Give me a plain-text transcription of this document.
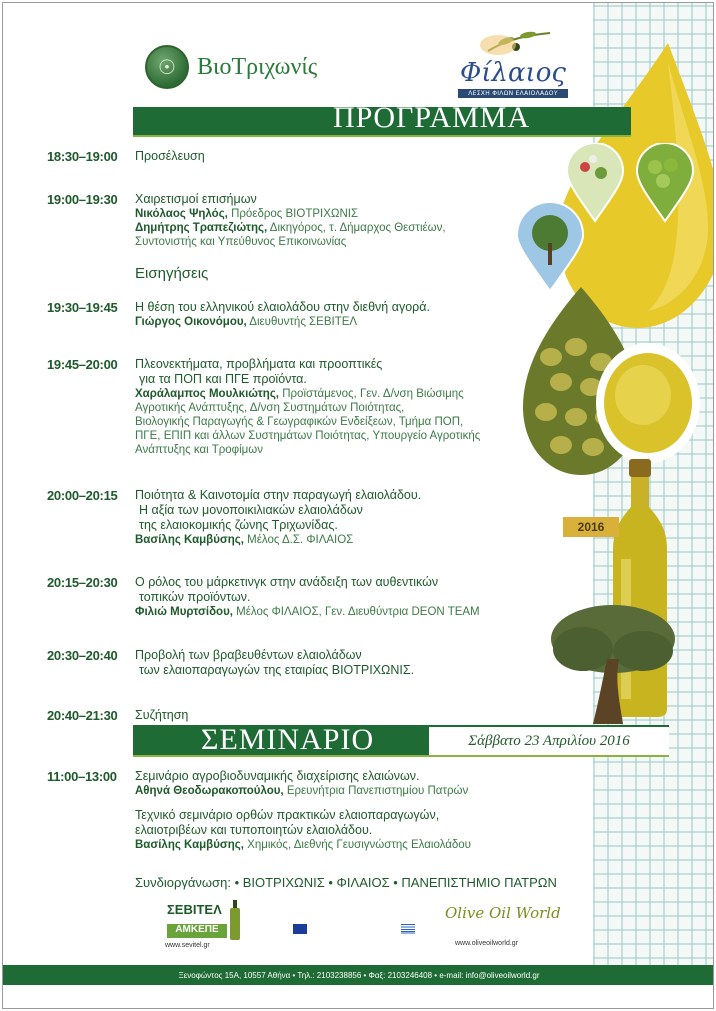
2016
☉ ΒιοΤριχωνίς	Φίλαιος
ΛΕΣΧΗ ΦΙΛΩΝ ΕΛΑΙΟΛΑΔΟΥ
ΠΡΟΓΡΑΜΜΑ
18:30–19:00	Προσέλευση
19:00–19:30	Χαιρετισμοί επισήμων
Νικόλαος Ψηλός, Πρόεδρος ΒΙΟΤΡΙΧΩΝΙΣ
Δημήτρης Τραπεζιώτης, Δικηγόρος, τ. Δήμαρχος Θεστιέων,
Συντονιστής και Υπεύθυνος Επικοινωνίας
Εισηγήσεις
19:30–19:45	Η θέση του ελληνικού ελαιολάδου στην διεθνή αγορά.
Γιώργος Οικονόμου, Διευθυντής ΣΕΒΙΤΕΛ
19:45–20:00	Πλεονεκτήματα, προβλήματα και προοπτικές
για τα ΠΟΠ και ΠΓΕ προϊόντα.
Χαράλαμπος Μουλκιώτης, Προϊστάμενος, Γεν. Δ/νση Βιώσιμης
Αγροτικής Ανάπτυξης, Δ/νση Συστημάτων Ποιότητας,
Βιολογικής Παραγωγής & Γεωγραφικών Ενδείξεων, Τμήμα ΠΟΠ,
ΠΓΕ, ΕΠΙΠ και άλλων Συστημάτων Ποιότητας, Υπουργείο Αγροτικής
Ανάπτυξης και Τροφίμων
20:00–20:15	Ποιότητα & Καινοτομία στην παραγωγή ελαιολάδου.
Η αξία των μονοποικιλιακών ελαιολάδων
της ελαιοκομικής ζώνης Τριχωνίδας.
Βασίλης Καμβύσης, Μέλος Δ.Σ. ΦΙΛΑΙΟΣ
20:15–20:30	Ο ρόλος του μάρκετινγκ στην ανάδειξη των αυθεντικών
τοπικών προϊόντων.
Φιλιώ Μυρτσίδου, Μέλος ΦΙΛΑΙΟΣ, Γεν. Διευθύντρια DEON TEAM
20:30–20:40	Προβολή των βραβευθέντων ελαιολάδων
των ελαιοπαραγωγών της εταιρίας ΒΙΟΤΡΙΧΩΝΙΣ.
20:40–21:30	Συζήτηση
ΣΕΜΙΝΑΡΙΟ	Σάββατο 23 Απριλίου 2016
11:00–13:00	Σεμινάριο αγροβιοδυναμικής διαχείρισης ελαιώνων.
Αθηνά Θεοδωρακοπούλου, Ερευνήτρια Πανεπιστημίου Πατρών
Τεχνικό σεμινάριο ορθών πρακτικών ελαιοπαραγωγών,
ελαιοτριβέων και τυποποιητών ελαιολάδου.
Βασίλης Καμβύσης, Χημικός, Διεθνής Γευσιγνώστης Ελαιολάδου
Συνδιοργάνωση: • ΒΙΟΤΡΙΧΩΝΙΣ • ΦΙΛΑΙΟΣ • ΠΑΝΕΠΙΣΤΗΜΙΟ ΠΑΤΡΩΝ
ΣΕΒΙΤΕΛ
ΑΜΚΕΠΕ
www.sevitel.gr
Olive Oil World
www.oliveoilworld.gr
Ξενοφώντος 15Α, 10557 Αθήνα • Τηλ.: 2103238856 • Φαξ: 2103246408 • e-mail: info@oliveoilworld.gr
